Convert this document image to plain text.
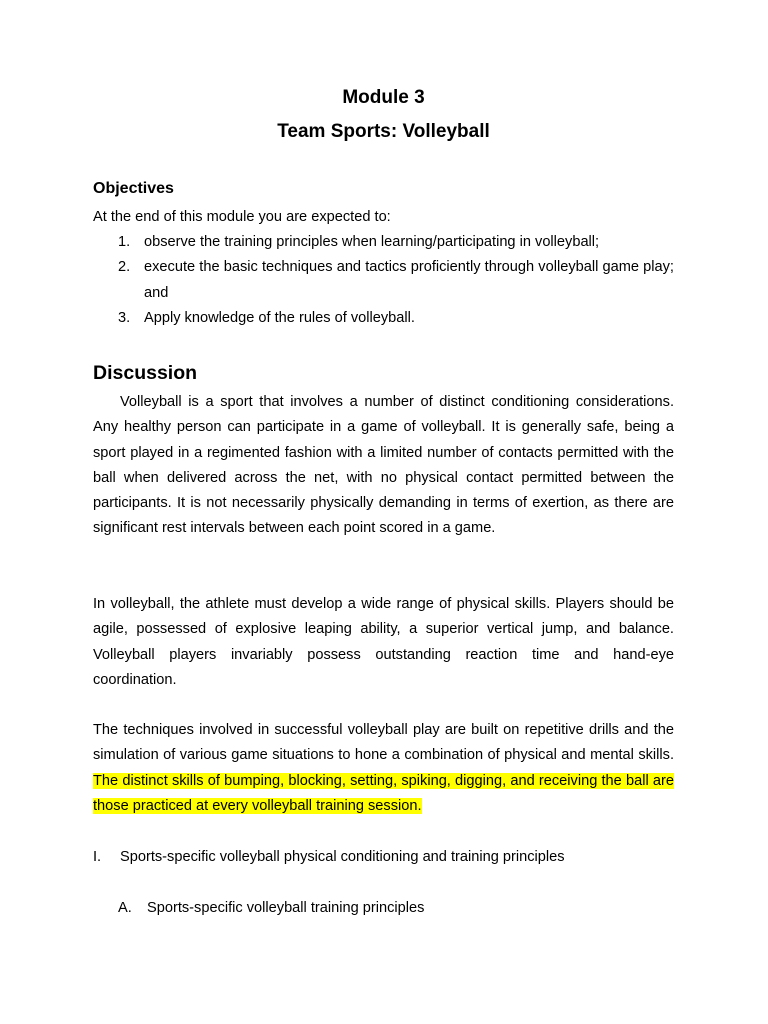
Module 3
Team Sports: Volleyball
Objectives
At the end of this module you are expected to:
1. observe the training principles when learning/participating in volleyball;
2. execute the basic techniques and tactics proficiently through volleyball game play; and
3. Apply knowledge of the rules of volleyball.
Discussion

Volleyball is a sport that involves a number of distinct conditioning considerations. Any healthy person can participate in a game of volleyball. It is generally safe, being a sport played in a regimented fashion with a limited number of contacts permitted with the ball when delivered across the net, with no physical contact permitted between the participants. It is not necessarily physically demanding in terms of exertion, as there are significant rest intervals between each point scored in a game.

In volleyball, the athlete must develop a wide range of physical skills. Players should be agile, possessed of explosive leaping ability, a superior vertical jump, and balance. Volleyball players invariably possess outstanding reaction time and hand-eye coordination.

The techniques involved in successful volleyball play are built on repetitive drills and the simulation of various game situations to hone a combination of physical and mental skills. The distinct skills of bumping, blocking, setting, spiking, digging, and receiving the ball are those practiced at every volleyball training session.

I. Sports-specific volleyball physical conditioning and training principles
A. Sports-specific volleyball training principles
